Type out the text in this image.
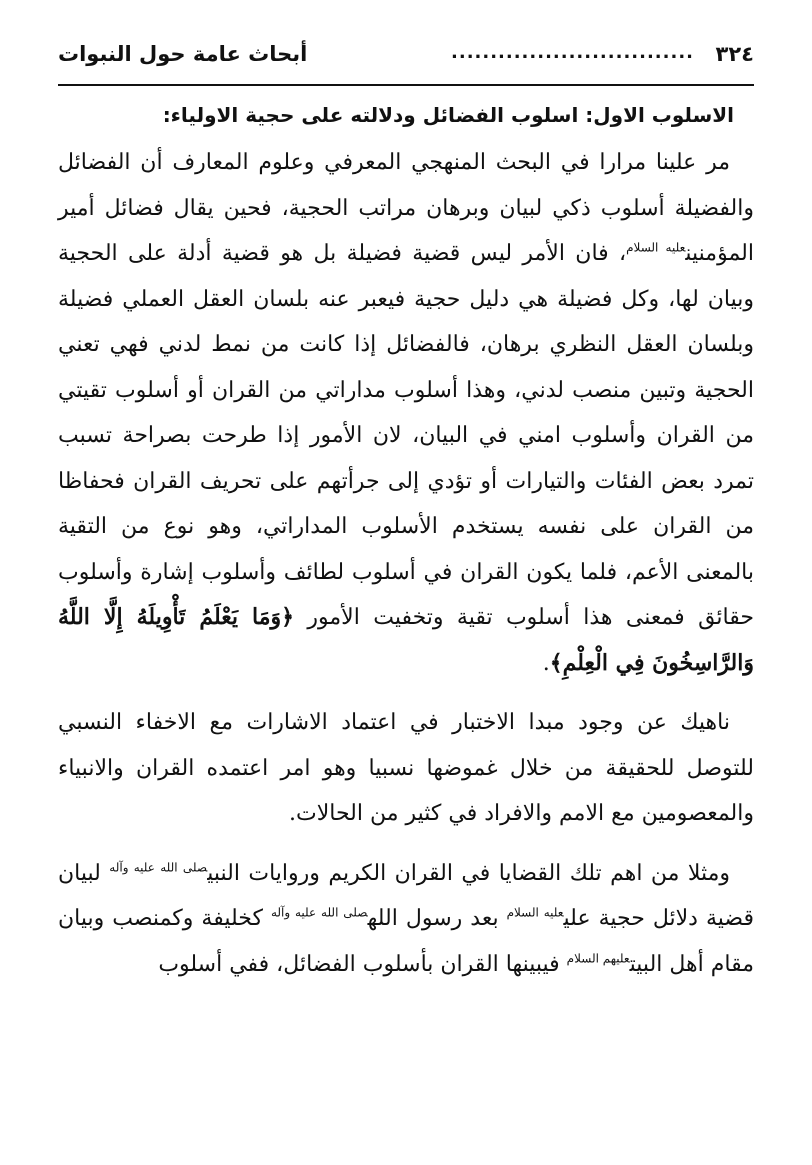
٣٢٤
...............................
أبحاث عامة حول النبوات
الاسلوب الاول: اسلوب الفضائل ودلالته على حجية الاولياء:

مر علينا مرارا في البحث المنهجي المعرفي وعلوم المعارف أن الفضائل والفضيلة أسلوب ذكي لبيان وبرهان مراتب الحجية، فحين يقال فضائل أمير المؤمنين$^{عليه السلام}$، فان الأمر ليس قضية فضيلة بل هو قضية أدلة على الحجية وبيان لها، وكل فضيلة هي دليل حجية فيعبر عنه بلسان العقل العملي فضيلة وبلسان العقل النظري برهان، فالفضائل إذا كانت من نمط لدني فهي تعني الحجية وتبين منصب لدني، وهذا أسلوب مداراتي من القران أو أسلوب تقيتي من القران وأسلوب امني في البيان، لان الأمور إذا طرحت بصراحة تسبب تمرد بعض الفئات والتيارات أو تؤدي إلى جرأتهم على تحريف القران فحفاظا من القران على نفسه يستخدم الأسلوب المداراتي، وهو نوع من التقية بالمعنى الأعم، فلما يكون القران في أسلوب لطائف وأسلوب إشارة وأسلوب حقائق فمعنى هذا أسلوب تقية وتخفيت الأمور ﴿وَمَا يَعْلَمُ تَأْوِيلَهُ إِلَّا اللَّهُ وَالرَّاسِخُونَ فِي الْعِلْمِ﴾.

ناهيك عن وجود مبدا الاختبار في اعتماد الاشارات مع الاخفاء النسبي للتوصل للحقيقة من خلال غموضها نسبيا وهو امر اعتمده القران والانبياء والمعصومين مع الامم والافراد في كثير من الحالات.

ومثلا من اهم تلك القضايا في القران الكريم وروايات النبي$^{صلى الله عليه وآله}$ لبيان قضية دلائل حجية علي$^{عليه السلام}$ بعد رسول الله$^{صلى الله عليه وآله}$ كخليفة وكمنصب وبيان مقام أهل البيت$^{عليهم السلام}$ فيبينها القران بأسلوب الفضائل، ففي أسلوب
